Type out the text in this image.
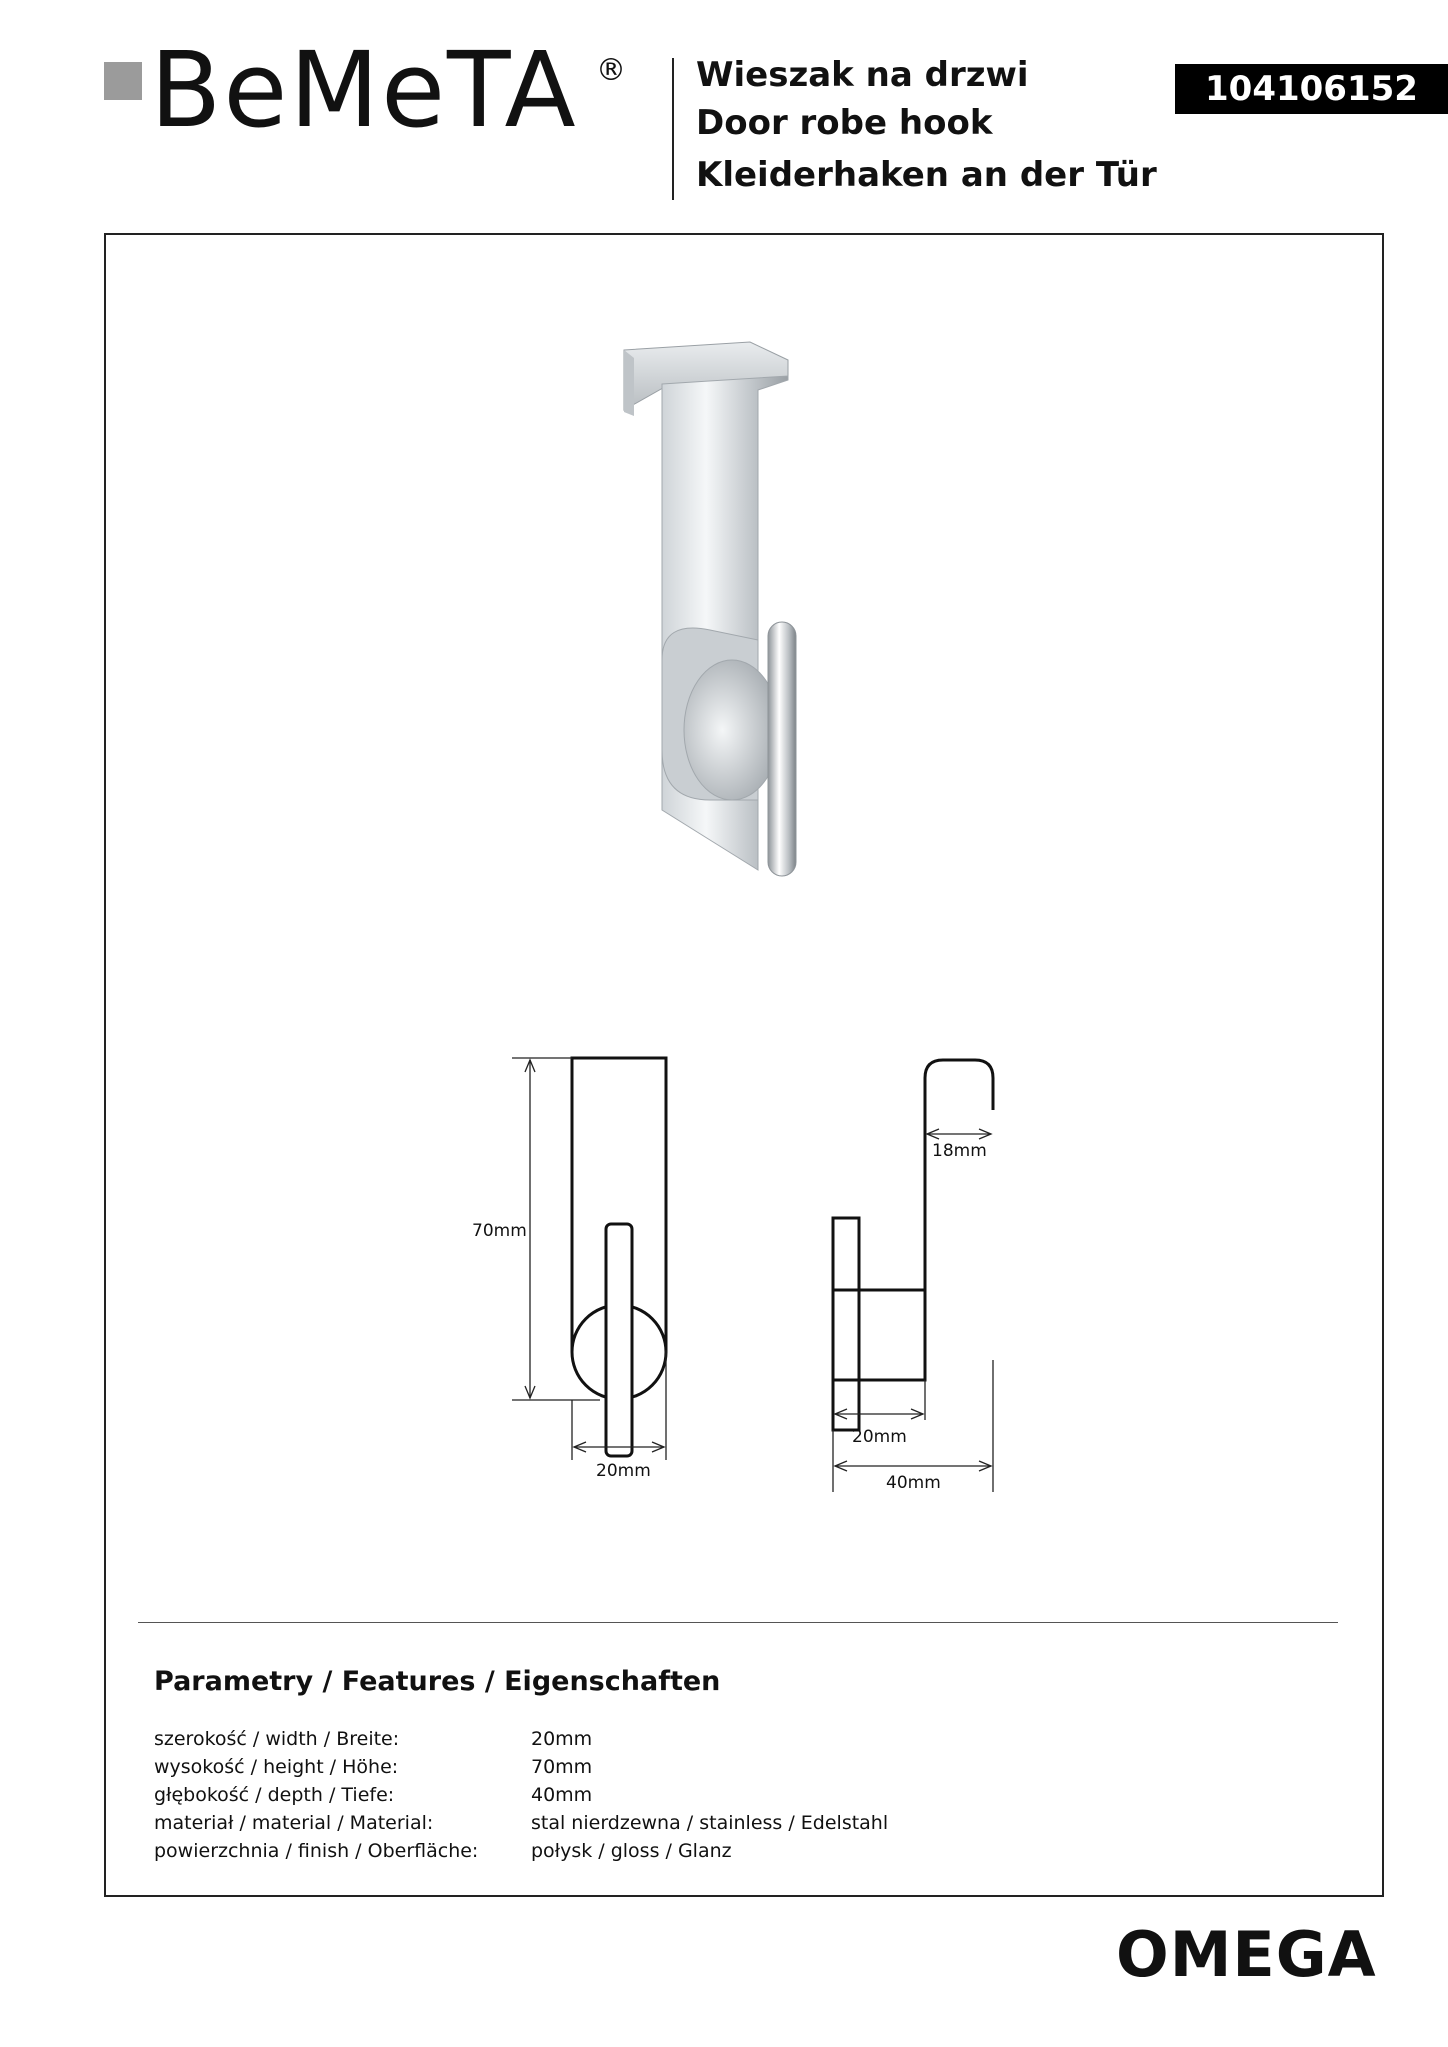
BeMeTA ® Wieszak na drzwi
Door robe hook
Kleiderhaken an der Tür
104106152
70mm
20mm
18mm
20mm
40mm
Parametry / Features / Eigenschaften
szerokość / width / Breite:	20mm
wysokość / height / Höhe:	70mm
głębokość / depth / Tiefe:	40mm
materiał / material / Material:	stal nierdzewna / stainless / Edelstahl
powierzchnia / finish / Oberfläche:	połysk / gloss / Glanz
OMEGA
